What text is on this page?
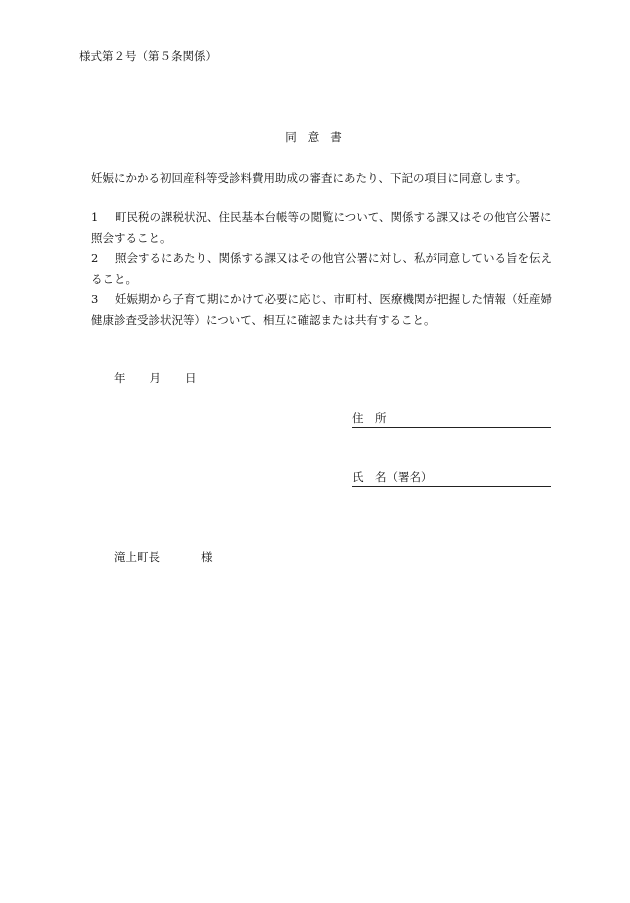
様式第２号（第５条関係）
同意書
妊娠にかかる初回産科等受診料費用助成の審査にあたり、下記の項目に同意します。
1	町民税の課税状況、住民基本台帳等の閲覧について、関係する課又はその他官公署に照会すること。
2	照会するにあたり、関係する課又はその他官公署に対し、私が同意している旨を伝えること。
3	妊娠期から子育て期にかけて必要に応じ、市町村、医療機関が把握した情報（妊産婦健康診査受診状況等）について、相互に確認または共有すること。
年 月 日
住　所
氏　名（署名）
滝上町長	様
